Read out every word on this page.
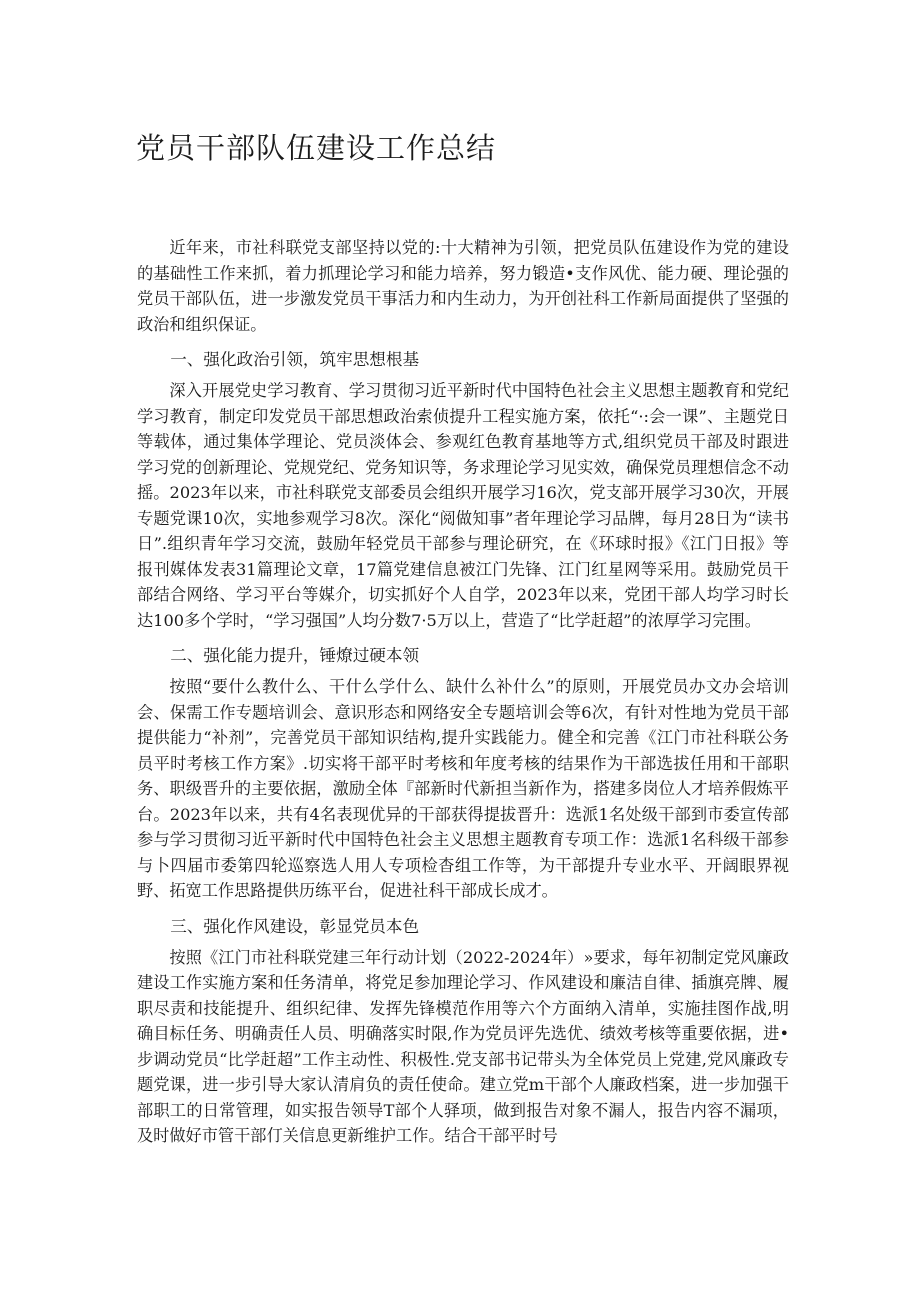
党员干部队伍建设工作总结

近年来，市社科联党支部坚持以党的:十大精神为引领，把党员队伍建设作为党的建设的基础性工作来抓，着力抓理论学习和能力培养，努力锻造•支作风优、能力硬、理论强的党员干部队伍，进一步激发党员干事活力和内生动力，为开创社科工作新局面提供了坚强的政治和组织保证。

一、强化政治引领，筑牢思想根基

深入开展党史学习教育、学习贯彻习近平新时代中国特色社会主义思想主题教育和党纪学习教育，制定印发党员干部思想政治索侦提升工程实施方案，依托“·:会一课”、主题党日等载体，通过集体学理论、党员淡体会、参观红色教育基地等方式,组织党员干部及时跟进学习党的创新理论、党规党纪、党务知识等，务求理论学习见实效，确保党员理想信念不动摇。2023年以来，市社科联党支部委员会组织开展学习16次，党支部开展学习30次，开展专题党课10次，实地参观学习8次。深化“阅做知事”者年理论学习品牌，每月28日为“读书日”.组织青年学习交流，鼓励年轻党员干部参与理论研究，在《环球时报》《江门日报》等报刊媒体发表31篇理论文章，17篇党建信息被江门先锋、江门红星网等采用。鼓励党员干部结合网络、学习平台等媒介，切实抓好个人自学，2023年以来，党团干部人均学习时长达100多个学时，“学习强国”人均分数7·5万以上，营造了“比学赶超”的浓厚学习完围。

二、强化能力提升，锤燎过硬本领

按照“要什么教什么、干什么学什么、缺什么补什么”的原则，开展党员办文办会培训会、保需工作专题培训会、意识形态和网络安全专题培训会等6次，有针对性地为党员干部提供能力“补剂”，完善党员干部知识结构,提升实践能力。健全和完善《江门市社科联公务员平时考核工作方案》.切实将干部平时考核和年度考核的结果作为干部选拔任用和干部职务、职级晋升的主要依据，激励全体『部新时代新担当新作为，搭建多岗位人才培养假炼平台。2023年以来，共有4名表现优异的干部获得提拔晋升：选派1名处级干部到市委宣传部参与学习贯彻习近平新时代中国特色社会主义思想主题教育专项工作：选派1名科级干部参与卜四届市委第四轮巡察选人用人专项检杳组工作等，为干部提升专业水平、开阔眼界视野、拓宽工作思路提供历练平台，促进社科干部成长成才。

三、强化作风建设，彰显党员本色

按照《江门市社科联党建三年行动计划（2022-2024年）»要求，每年初制定党风廉政建设工作实施方案和任务清单，将党足参加理论学习、作风建设和廉洁自律、插旗亮牌、履职尽责和技能提升、组织纪律、发挥先锋模范作用等六个方面纳入清单，实施挂图作战,明确目标任务、明确责任人员、明确落实时限,作为党员评先选优、绩效考核等重要依据，进•步调动党员“比学赶超”工作主动性、积极性.党支部书记带头为全体党员上党建,党风廉政专题党课，进一步引导大家认清肩负的责任使命。建立党m干部个人廉政档案，进一步加强干部职工的日常管理，如实报告领导T部个人驿项，做到报告对象不漏人，报告内容不漏项，及时做好市管干部仃关信息更新维护工作。结合干部平时号
